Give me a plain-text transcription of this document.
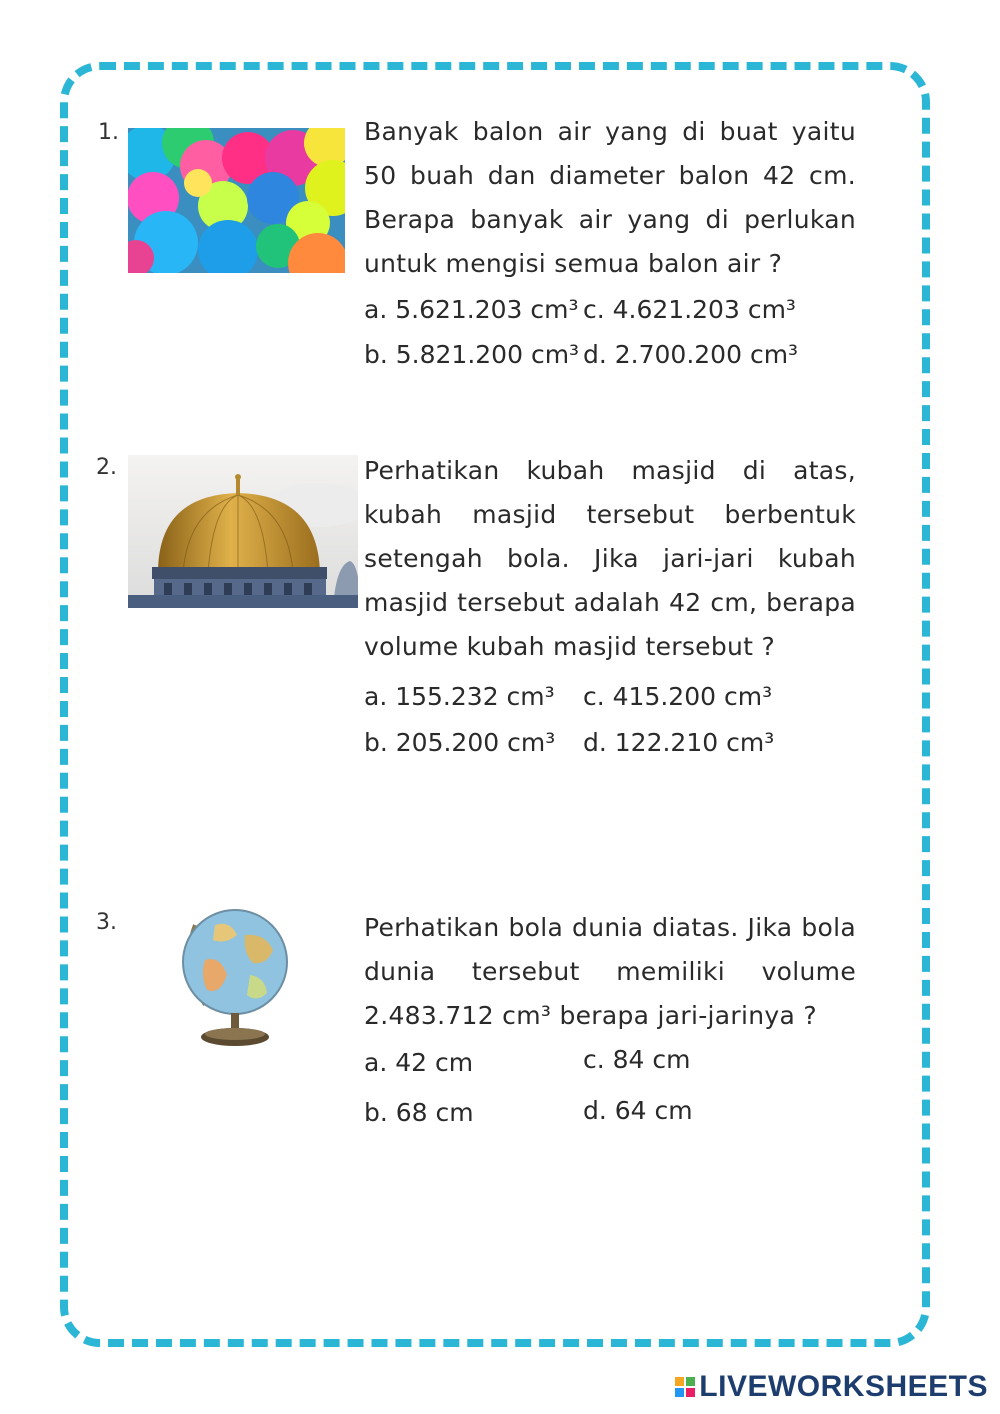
1.	Banyak balon air yang di buat yaitu 50 buah dan diameter balon 42 cm. Berapa banyak air yang di perlukan untuk mengisi semua balon air ?
a. 5.621.203 cm³ c. 4.621.203 cm³
b. 5.821.200 cm³ d. 2.700.200 cm³
2.	Perhatikan kubah masjid di atas, kubah masjid tersebut berbentuk setengah bola. Jika jari-jari kubah masjid tersebut adalah 42 cm, berapa volume kubah masjid tersebut ?
a. 155.232 cm³ c. 415.200 cm³
b. 205.200 cm³ d. 122.210 cm³
3.	Perhatikan bola dunia diatas. Jika bola dunia tersebut memiliki volume 2.483.712 cm³ berapa jari-jarinya ?
a. 42 cm	c. 84 cm
b. 68 cm	d. 64 cm
LIVEWORKSHEETS
